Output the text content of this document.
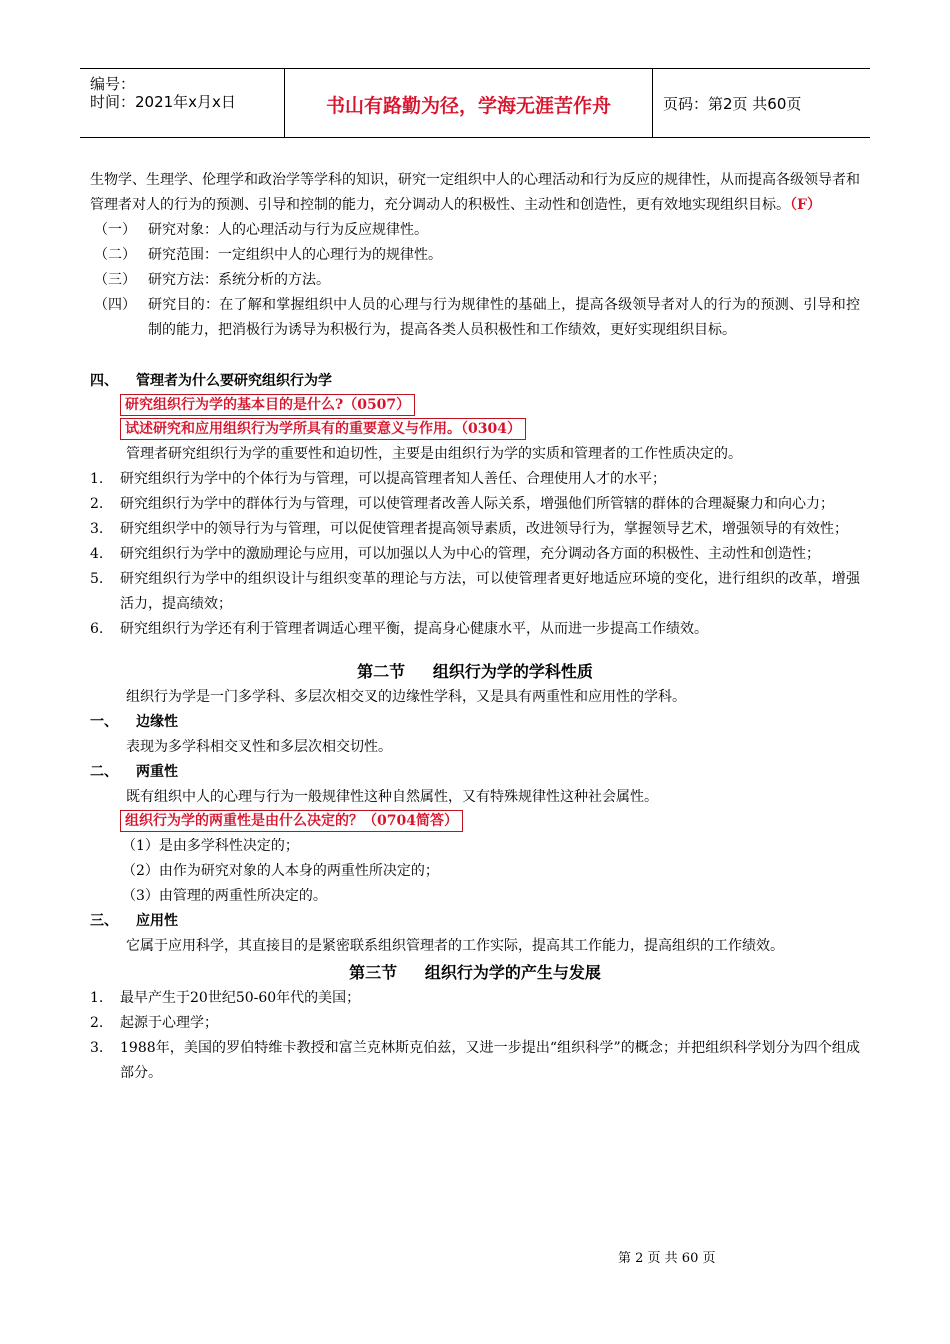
编号：
时间：2021年x月x日	书山有路勤为径，学海无涯苦作舟	页码：第2页 共60页

生物学、生理学、伦理学和政治学等学科的知识，研究一定组织中人的心理活动和行为反应的规律性，从而提高各级领导者和管理者对人的行为的预测、引导和控制的能力，充分调动人的积极性、主动性和创造性，更有效地实现组织目标。（F）

（一） 研究对象：人的心理活动与行为反应规律性。
（二） 研究范围：一定组织中人的心理行为的规律性。
（三） 研究方法：系统分析的方法。
（四） 研究目的：在了解和掌握组织中人员的心理与行为规律性的基础上，提高各级领导者对人的行为的预测、引导和控制的能力，把消极行为诱导为积极行为，提高各类人员积极性和工作绩效，更好实现组织目标。

四、 管理者为什么要研究组织行为学

研究组织行为学的基本目的是什么?（0507）
试述研究和应用组织行为学所具有的重要意义与作用。（0304）

管理者研究组织行为学的重要性和迫切性，主要是由组织行为学的实质和管理者的工作性质决定的。

1. 研究组织行为学中的个体行为与管理，可以提高管理者知人善任、合理使用人才的水平；
2. 研究组织行为学中的群体行为与管理，可以使管理者改善人际关系，增强他们所管辖的群体的合理凝聚力和向心力；
3. 研究组织学中的领导行为与管理，可以促使管理者提高领导素质，改进领导行为，掌握领导艺术，增强领导的有效性；
4. 研究组织行为学中的激励理论与应用，可以加强以人为中心的管理，充分调动各方面的积极性、主动性和创造性；
5. 研究组织行为学中的组织设计与组织变革的理论与方法，可以使管理者更好地适应环境的变化，进行组织的改革，增强活力，提高绩效；
6. 研究组织行为学还有利于管理者调适心理平衡，提高身心健康水平，从而进一步提高工作绩效。

第二节     组织行为学的学科性质

组织行为学是一门多学科、多层次相交叉的边缘性学科，又是具有两重性和应用性的学科。

一、 边缘性

表现为多学科相交叉性和多层次相交切性。

二、 两重性

既有组织中人的心理与行为一般规律性这种自然属性，又有特殊规律性这种社会属性。

组织行为学的两重性是由什么决定的？（0704简答）

（1）是由多学科性决定的；

（2）由作为研究对象的人本身的两重性所决定的；

（3）由管理的两重性所决定的。

三、 应用性

它属于应用科学，其直接目的是紧密联系组织管理者的工作实际，提高其工作能力，提高组织的工作绩效。

第三节     组织行为学的产生与发展

1. 最早产生于20世纪50-60年代的美国；
2. 起源于心理学；
3. 1988年，美国的罗伯特维卡教授和富兰克林斯克伯兹，又进一步提出“组织科学”的概念；并把组织科学划分为四个组成部分。
第 2 页 共 60 页
